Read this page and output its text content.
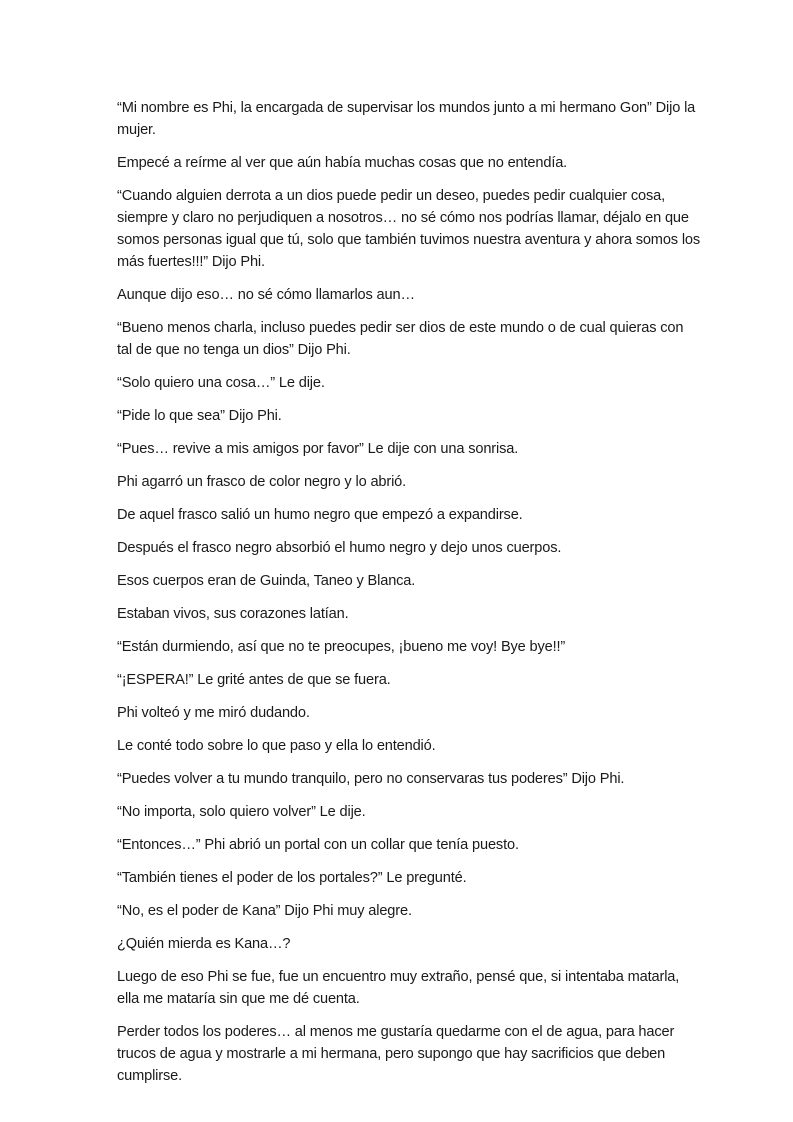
“Mi nombre es Phi, la encargada de supervisar los mundos junto a mi hermano Gon” Dijo la mujer.

Empecé a reírme al ver que aún había muchas cosas que no entendía.

“Cuando alguien derrota a un dios puede pedir un deseo, puedes pedir cualquier cosa, siempre y claro no perjudiquen a nosotros… no sé cómo nos podrías llamar, déjalo en que somos personas igual que tú, solo que también tuvimos nuestra aventura y ahora somos los más fuertes!!!” Dijo Phi.

Aunque dijo eso… no sé cómo llamarlos aun…

“Bueno menos charla, incluso puedes pedir ser dios de este mundo o de cual quieras con tal de que no tenga un dios” Dijo Phi.

“Solo quiero una cosa…” Le dije.

“Pide lo que sea” Dijo Phi.

“Pues… revive a mis amigos por favor” Le dije con una sonrisa.

Phi agarró un frasco de color negro y lo abrió.

De aquel frasco salió un humo negro que empezó a expandirse.

Después el frasco negro absorbió el humo negro y dejo unos cuerpos.

Esos cuerpos eran de Guinda, Taneo y Blanca.

Estaban vivos, sus corazones latían.

“Están durmiendo, así que no te preocupes, ¡bueno me voy! Bye bye!!”

“¡ESPERA!” Le grité antes de que se fuera.

Phi volteó y me miró dudando.

Le conté todo sobre lo que paso y ella lo entendió.

“Puedes volver a tu mundo tranquilo, pero no conservaras tus poderes” Dijo Phi.

“No importa, solo quiero volver” Le dije.

“Entonces…” Phi abrió un portal con un collar que tenía puesto.

“También tienes el poder de los portales?” Le pregunté.

“No, es el poder de Kana” Dijo Phi muy alegre.

¿Quién mierda es Kana…?

Luego de eso Phi se fue, fue un encuentro muy extraño, pensé que, si intentaba matarla, ella me mataría sin que me dé cuenta.

Perder todos los poderes… al menos me gustaría quedarme con el de agua, para hacer trucos de agua y mostrarle a mi hermana, pero supongo que hay sacrificios que deben cumplirse.
